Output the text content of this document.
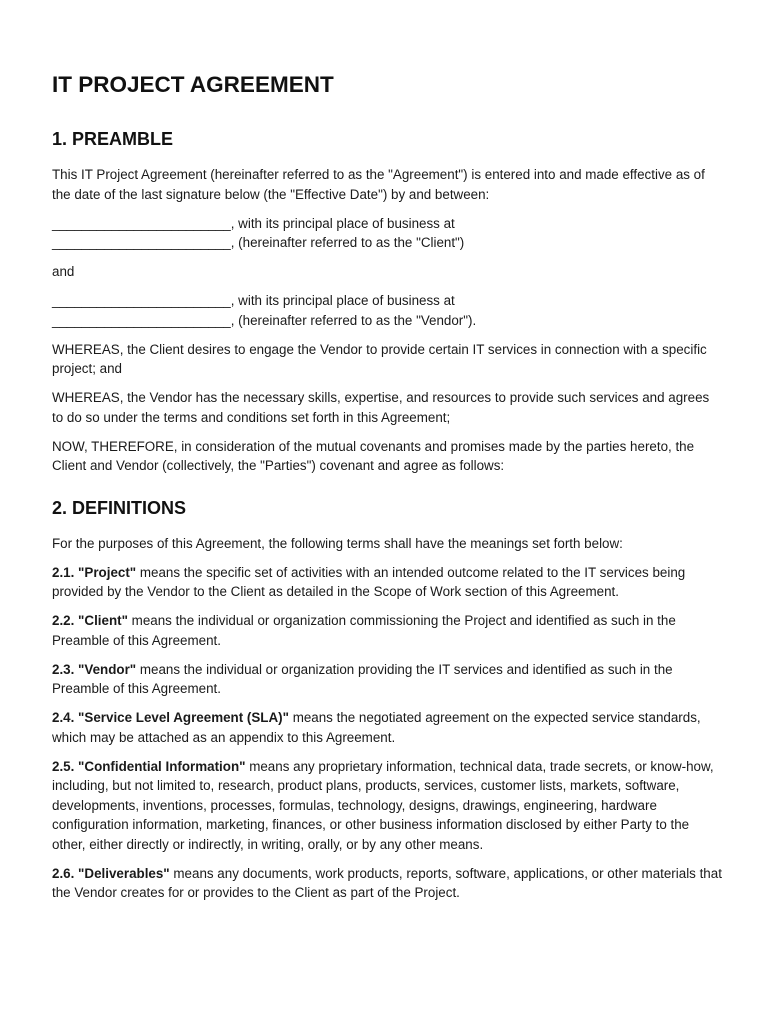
IT PROJECT AGREEMENT
1. PREAMBLE

This IT Project Agreement (hereinafter referred to as the "Agreement") is entered into and made effective as of the date of the last signature below (the "Effective Date") by and between:

________________________, with its principal place of business at

________________________, (hereinafter referred to as the "Client")

and

________________________, with its principal place of business at

________________________, (hereinafter referred to as the "Vendor").

WHEREAS, the Client desires to engage the Vendor to provide certain IT services in connection with a specific project; and

WHEREAS, the Vendor has the necessary skills, expertise, and resources to provide such services and agrees to do so under the terms and conditions set forth in this Agreement;

NOW, THEREFORE, in consideration of the mutual covenants and promises made by the parties hereto, the Client and Vendor (collectively, the "Parties") covenant and agree as follows:

2. DEFINITIONS

For the purposes of this Agreement, the following terms shall have the meanings set forth below:

2.1. "Project" means the specific set of activities with an intended outcome related to the IT services being provided by the Vendor to the Client as detailed in the Scope of Work section of this Agreement.

2.2. "Client" means the individual or organization commissioning the Project and identified as such in the Preamble of this Agreement.

2.3. "Vendor" means the individual or organization providing the IT services and identified as such in the Preamble of this Agreement.

2.4. "Service Level Agreement (SLA)" means the negotiated agreement on the expected service standards, which may be attached as an appendix to this Agreement.

2.5. "Confidential Information" means any proprietary information, technical data, trade secrets, or know-how, including, but not limited to, research, product plans, products, services, customer lists, markets, software, developments, inventions, processes, formulas, technology, designs, drawings, engineering, hardware configuration information, marketing, finances, or other business information disclosed by either Party to the other, either directly or indirectly, in writing, orally, or by any other means.

2.6. "Deliverables" means any documents, work products, reports, software, applications, or other materials that the Vendor creates for or provides to the Client as part of the Project.
